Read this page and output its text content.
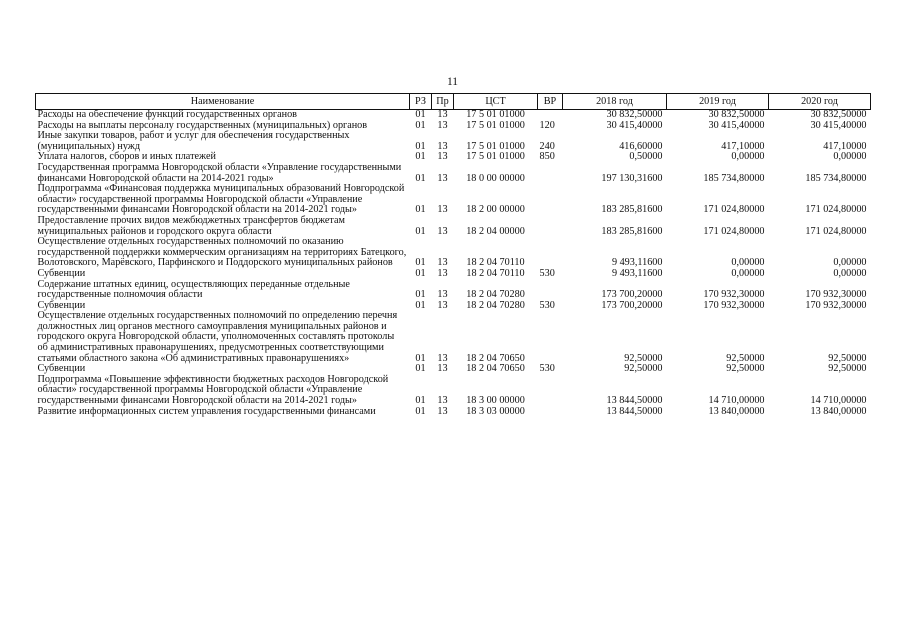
11
Наименование	РЗ	Пр	ЦСТ	ВР	2018 год	2019 год	2020 год
Расходы на обеспечение функций государственных органов	01	13	17 5 01 01000		30 832,50000	30 832,50000	30 832,50000
Расходы на выплаты персоналу государственных (муниципальных) органов	01	13	17 5 01 01000	120	30 415,40000	30 415,40000	30 415,40000
Иные закупки товаров, работ и услуг для обеспечения государственных (муниципальных) нужд	01	13	17 5 01 01000	240	416,60000	417,10000	417,10000
Уплата налогов, сборов и иных платежей	01	13	17 5 01 01000	850	0,50000	0,00000	0,00000
Государственная программа Новгородской области «Управление государственными финансами Новгородской области на 2014-2021 годы»	01	13	18 0 00 00000		197 130,31600	185 734,80000	185 734,80000
Подпрограмма «Финансовая поддержка муниципальных образований Новгородской области» государственной программы Новгородской области «Управление государственными финансами Новгородской области на 2014-2021 годы»	01	13	18 2 00 00000		183 285,81600	171 024,80000	171 024,80000
Предоставление прочих видов межбюджетных трансфертов бюджетам муниципальных районов и городского округа области	01	13	18 2 04 00000		183 285,81600	171 024,80000	171 024,80000
Осуществление отдельных государственных полномочий по оказанию государственной поддержки коммерческим организациям на территориях Батецкого, Волотовского, Марёвского, Парфинского и Поддорского муниципальных районов	01	13	18 2 04 70110		9 493,11600	0,00000	0,00000
Субвенции	01	13	18 2 04 70110	530	9 493,11600	0,00000	0,00000
Содержание штатных единиц, осуществляющих переданные отдельные государственные полномочия области	01	13	18 2 04 70280		173 700,20000	170 932,30000	170 932,30000
Субвенции	01	13	18 2 04 70280	530	173 700,20000	170 932,30000	170 932,30000
Осуществление отдельных государственных полномочий по определению перечня должностных лиц органов местного самоуправления муниципальных районов и городского округа Новгородской области, уполномоченных составлять протоколы об административных правонарушениях, предусмотренных соответствующими статьями областного закона «Об административных правонарушениях»	01	13	18 2 04 70650		92,50000	92,50000	92,50000
Субвенции	01	13	18 2 04 70650	530	92,50000	92,50000	92,50000
Подпрограмма «Повышение эффективности бюджетных расходов Новгородской области» государственной программы Новгородской области «Управление государственными финансами Новгородской области на 2014-2021 годы»	01	13	18 3 00 00000		13 844,50000	14 710,00000	14 710,00000
Развитие информационных систем управления государственными финансами	01	13	18 3 03 00000		13 844,50000	13 840,00000	13 840,00000
